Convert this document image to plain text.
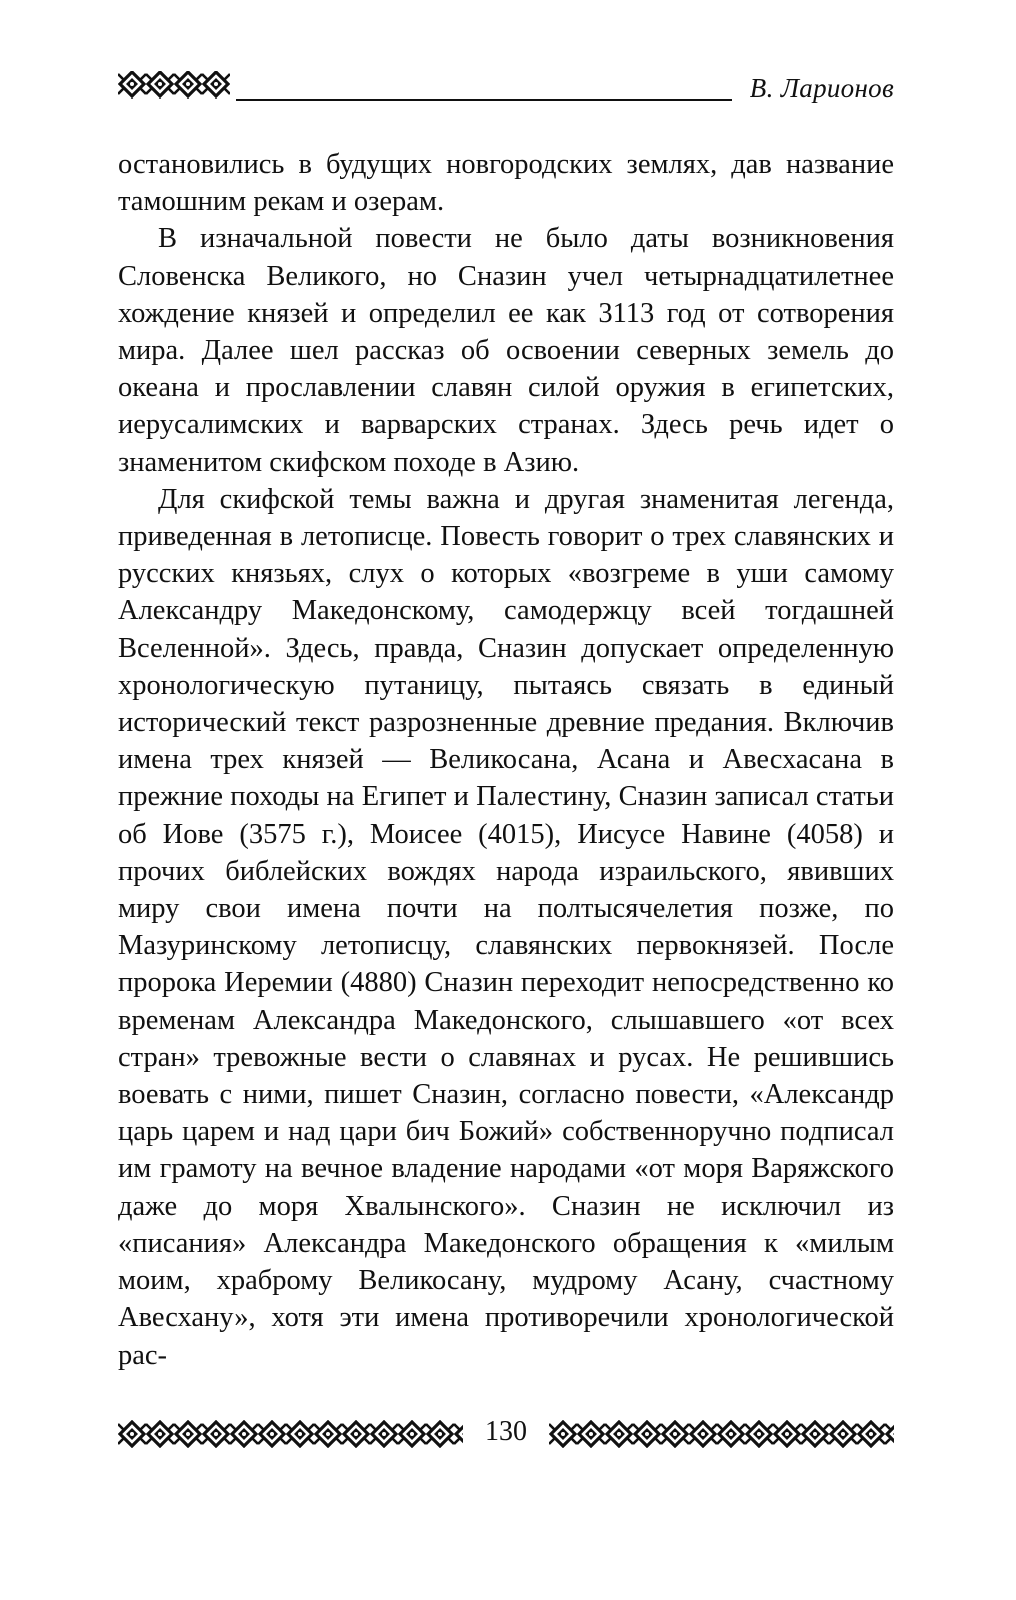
В. Ларионов

остановились в будущих новгородских землях, дав название тамошним рекам и озерам.

В изначальной повести не было даты возникновения Словенска Великого, но Сназин учел четырнадцатилетнее хождение князей и определил ее как 3113 год от сотворения мира. Далее шел рассказ об освоении северных земель до океана и прославлении славян силой оружия в египетских, иерусалимских и варварских странах. Здесь речь идет о знаменитом скифском походе в Азию.

Для скифской темы важна и другая знаменитая легенда, приведенная в летописце. Повесть говорит о трех славянских и русских князьях, слух о которых «возгреме в уши самому Александру Македонскому, самодержцу всей тогдашней Вселенной». Здесь, правда, Сназин допускает определенную хронологическую путаницу, пытаясь связать в единый исторический текст разрозненные древние предания. Включив имена трех князей — Великосана, Асана и Авесхасана в прежние походы на Египет и Палестину, Сназин записал статьи об Иове (3575 г.), Моисее (4015), Иисусе Навине (4058) и прочих библейских вождях народа израильского, явивших миру свои имена почти на полтысячелетия позже, по Мазуринскому летописцу, славянских первокнязей. После пророка Иеремии (4880) Сназин переходит непосредственно ко временам Александра Македонского, слышавшего «от всех стран» тревожные вести о славянах и русах. Не решившись воевать с ними, пишет Сназин, согласно повести, «Александр царь царем и над цари бич Божий» собственноручно подписал им грамоту на вечное владение народами «от моря Варяжского даже до моря Хвалынского». Сназин не исключил из «писания» Александра Македонского обращения к «милым моим, храброму Великосану, мудрому Асану, счастному Авесхану», хотя эти имена противоречили хронологической рас-

130
